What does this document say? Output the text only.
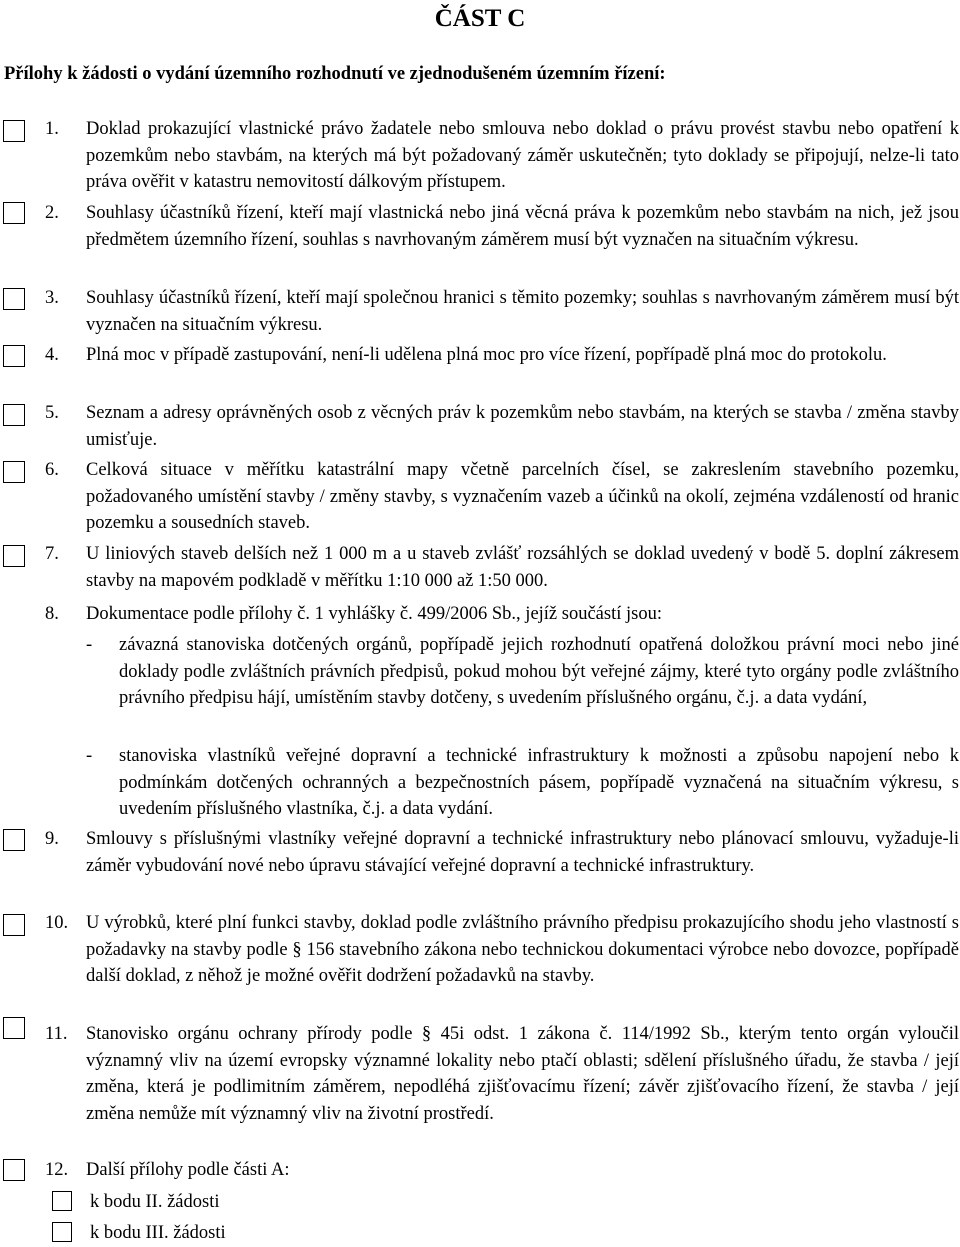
ČÁST C
Přílohy k žádosti o vydání územního rozhodnutí ve zjednodušeném územním řízení:
1.	Doklad prokazující vlastnické právo žadatele nebo smlouva nebo doklad o právu provést stavbu nebo opatření k pozemkům nebo stavbám, na kterých má být požadovaný záměr uskutečněn; tyto doklady se připojují, nelze-li tato práva ověřit v katastru nemovitostí dálkovým přístupem.
2.	Souhlasy účastníků řízení, kteří mají vlastnická nebo jiná věcná práva k pozemkům nebo stavbám na nich, jež jsou předmětem územního řízení, souhlas s navrhovaným záměrem musí být vyznačen na situačním výkresu.
3.	Souhlasy účastníků řízení, kteří mají společnou hranici s těmito pozemky; souhlas s navrhovaným záměrem musí být vyznačen na situačním výkresu.
4.	Plná moc v případě zastupování, není-li udělena plná moc pro více řízení, popřípadě plná moc do protokolu.
5.	Seznam a adresy oprávněných osob z věcných práv k pozemkům nebo stavbám, na kterých se stavba / změna stavby umisťuje.
6.	Celková situace v měřítku katastrální mapy včetně parcelních čísel, se zakreslením stavebního pozemku, požadovaného umístění stavby / změny stavby, s vyznačením vazeb a účinků na okolí, zejména vzdáleností od hranic pozemku a sousedních staveb.
7.	U liniových staveb delších než 1 000 m a u staveb zvlášť rozsáhlých se doklad uvedený v bodě 5. doplní zákresem stavby na mapovém podkladě v měřítku 1:10 000 až 1:50 000.
8.	Dokumentace podle přílohy č. 1 vyhlášky č. 499/2006 Sb., jejíž součástí jsou:
- závazná stanoviska dotčených orgánů, popřípadě jejich rozhodnutí opatřená doložkou právní moci nebo jiné doklady podle zvláštních právních předpisů, pokud mohou být veřejné zájmy, které tyto orgány podle zvláštního právního předpisu hájí, umístěním stavby dotčeny, s uvedením příslušného orgánu, č.j. a data vydání,
- stanoviska vlastníků veřejné dopravní a technické infrastruktury k možnosti a způsobu napojení nebo k podmínkám dotčených ochranných a bezpečnostních pásem, popřípadě vyznačená na situačním výkresu, s uvedením příslušného vlastníka, č.j. a data vydání.
9.	Smlouvy s příslušnými vlastníky veřejné dopravní a technické infrastruktury nebo plánovací smlouvu, vyžaduje-li záměr vybudování nové nebo úpravu stávající veřejné dopravní a technické infrastruktury.
10. U výrobků, které plní funkci stavby, doklad podle zvláštního právního předpisu prokazujícího shodu jeho vlastností s požadavky na stavby podle § 156 stavebního zákona nebo technickou dokumentaci výrobce nebo dovozce, popřípadě další doklad, z něhož je možné ověřit dodržení požadavků na stavby.
11.	Stanovisko orgánu ochrany přírody podle § 45i odst. 1 zákona č. 114/1992 Sb., kterým tento orgán vyloučil významný vliv na území evropsky významné lokality nebo ptačí oblasti; sdělení příslušného úřadu, že stavba / její změna, která je podlimitním záměrem, nepodléhá zjišťovacímu řízení; závěr zjišťovacího řízení, že stavba / její změna nemůže mít významný vliv na životní prostředí.
12. Další přílohy podle části A:
k bodu II. žádosti
k bodu III. žádosti
